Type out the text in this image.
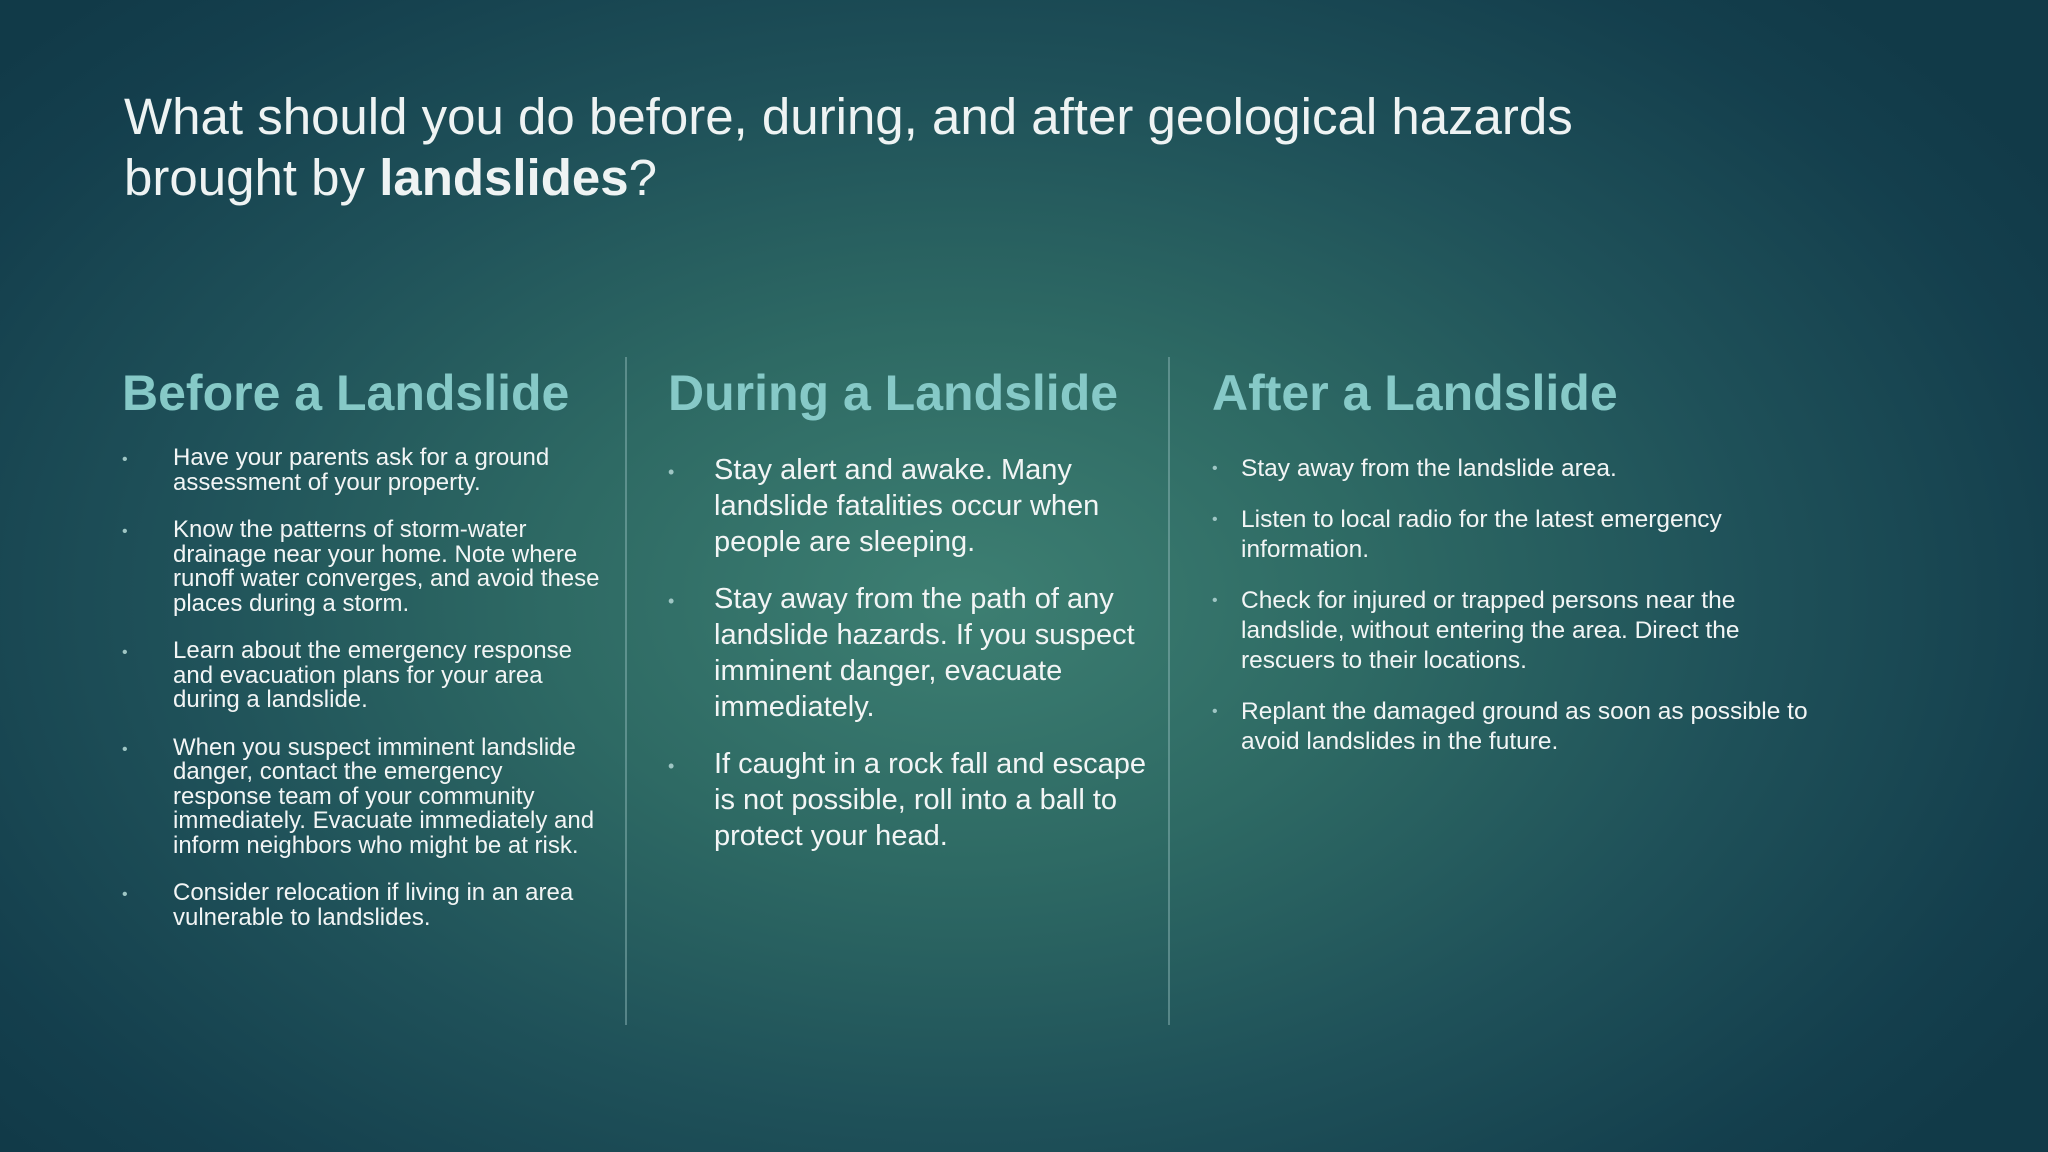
What should you do before, during, and after geological hazards brought by landslides?
Before a Landslide
• Have your parents ask for a ground assessment of your property.
• Know the patterns of storm-water drainage near your home. Note where runoff water converges, and avoid these places during a storm.
• Learn about the emergency response and evacuation plans for your area during a landslide.
• When you suspect imminent landslide danger, contact the emergency response team of your community immediately. Evacuate immediately and inform neighbors who might be at risk.
• Consider relocation if living in an area vulnerable to landslides.
During a Landslide
• Stay alert and awake. Many landslide fatalities occur when people are sleeping.
• Stay away from the path of any landslide hazards. If you suspect imminent danger, evacuate immediately.
• If caught in a rock fall and escape is not possible, roll into a ball to protect your head.
After a Landslide
• Stay away from the landslide area.
• Listen to local radio for the latest emergency information.
• Check for injured or trapped persons near the landslide, without entering the area. Direct the rescuers to their locations.
• Replant the damaged ground as soon as possible to avoid landslides in the future.
